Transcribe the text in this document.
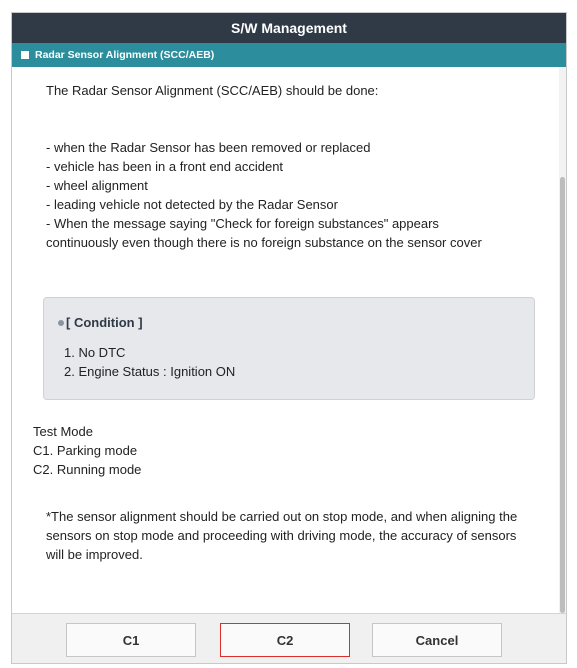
S/W Management
Radar Sensor Alignment (SCC/AEB)
The Radar Sensor Alignment (SCC/AEB) should be done:
- when the Radar Sensor has been removed or replaced
- vehicle has been in a front end accident
- wheel alignment
- leading vehicle not detected by the Radar Sensor
- When the message saying "Check for foreign substances" appears
continuously even though there is no foreign substance on the sensor cover
[ Condition ]
1. No DTC
2. Engine Status : Ignition ON
Test Mode
C1. Parking mode
C2. Running mode
*The sensor alignment should be carried out on stop mode, and when aligning the sensors on stop mode and proceeding with driving mode, the accuracy of sensors will be improved.
C1	C2	Cancel
